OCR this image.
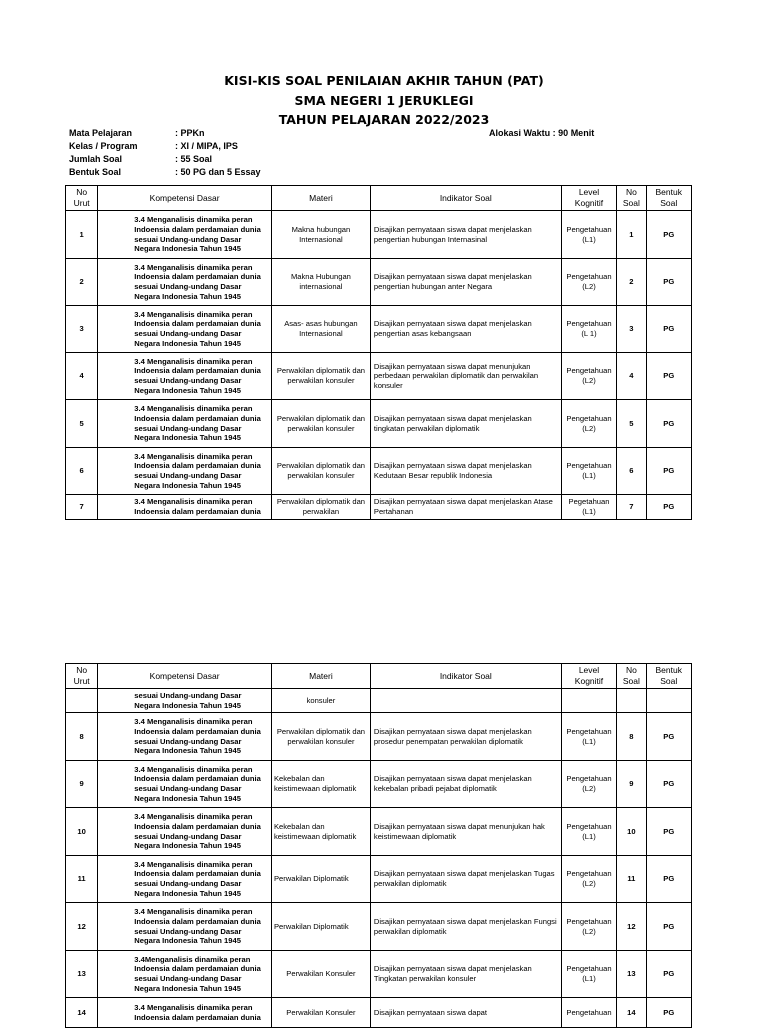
KISI-KIS SOAL PENILAIAN AKHIR TAHUN (PAT)
SMA NEGERI 1 JERUKLEGI
TAHUN PELAJARAN 2022/2023
Mata Pelajaran	: PPKn	Alokasi Waktu : 90 Menit
Kelas / Program	: XI / MIPA, IPS
Jumlah Soal	: 55 Soal
Bentuk Soal	: 50 PG dan 5 Essay
No Urut	Kompetensi Dasar	Materi	Indikator Soal	Level Kognitif	No Soal	Bentuk Soal
1	3.4 Menganalisis dinamika peran Indoensia dalam perdamaian dunia sesuai Undang-undang Dasar Negara Indonesia Tahun 1945	Makna hubungan Internasional	Disajikan pernyataan siswa dapat menjelaskan pengertian hubungan Internasinal	Pengetahuan (L1)	1	PG
2	3.4 Menganalisis dinamika peran Indoensia dalam perdamaian dunia sesuai Undang-undang Dasar Negara Indonesia Tahun 1945	Makna Hubungan internasional	Disajikan pernyataan siswa dapat menjelaskan pengertian hubungan anter Negara	Pengetahuan (L2)	2	PG
3	3.4 Menganalisis dinamika peran Indoensia dalam perdamaian dunia sesuai Undang-undang Dasar Negara Indonesia Tahun 1945	Asas- asas hubungan Internasional	Disajikan pernyataan siswa dapat menjelaskan pengertian asas kebangsaan	Pengetahuan (L 1)	3	PG
4	3.4 Menganalisis dinamika peran Indoensia dalam perdamaian dunia sesuai Undang-undang Dasar Negara Indonesia Tahun 1945	Perwakilan diplomatik dan perwakilan konsuler	Disajikan pernyataan siswa dapat menunjukan perbedaan perwakilan diplomatik dan perwakilan konsuler	Pengetahuan (L2)	4	PG
5	3.4 Menganalisis dinamika peran Indoensia dalam perdamaian dunia sesuai Undang-undang Dasar Negara Indonesia Tahun 1945	Perwakilan diplomatik dan perwakilan konsuler	Disajikan pernyataan siswa dapat menjelaskan tingkatan perwakilan diplomatik	Pengetahuan (L2)	5	PG
6	3.4 Menganalisis dinamika peran Indoensia dalam perdamaian dunia sesuai Undang-undang Dasar Negara Indonesia Tahun 1945	Perwakilan diplomatik dan perwakilan konsuler	Disajikan pernyataan siswa dapat menjelaskan Kedutaan Besar republik Indonesia	Pengetahuan (L1)	6	PG
7	3.4 Menganalisis dinamika peran Indoensia dalam perdamaian dunia	Perwakilan diplomatik dan perwakilan	Disajikan pernyataan siswa dapat menjelaskan Atase Pertahanan	Pegetahuan (L1)	7	PG
No Urut	Kompetensi Dasar	Materi	Indikator Soal	Level Kognitif	No Soal	Bentuk Soal
	sesuai Undang-undang Dasar Negara Indonesia Tahun 1945	konsuler				
8	3.4 Menganalisis dinamika peran Indoensia dalam perdamaian dunia sesuai Undang-undang Dasar Negara Indonesia Tahun 1945	Perwakilan diplomatik dan perwakilan konsuler	Disajikan pernyataan siswa dapat menjelaskan prosedur penempatan perwakilan diplomatik	Pengetahuan (L1)	8	PG
9	3.4 Menganalisis dinamika peran Indoensia dalam perdamaian dunia sesuai Undang-undang Dasar Negara Indonesia Tahun 1945	Kekebalan dan keistimewaan diplomatik	Disajikan pernyataan siswa dapat menjelaskan kekebalan pribadi pejabat diplomatik	Pengetahuan (L2)	9	PG
10	3.4 Menganalisis dinamika peran Indoensia dalam perdamaian dunia sesuai Undang-undang Dasar Negara Indonesia Tahun 1945	Kekebalan dan keistimewaan diplomatik	Disajikan pernyataan siswa dapat menunjukan hak keistimewaan diplomatik	Pengetahuan (L1)	10	PG
11	3.4 Menganalisis dinamika peran Indoensia dalam perdamaian dunia sesuai Undang-undang Dasar Negara Indonesia Tahun 1945	Perwakilan Diplomatik	Disajikan pernyataan siswa dapat menjelaskan Tugas perwakilan diplomatik	Pengetahuan (L2)	11	PG
12	3.4 Menganalisis dinamika peran Indoensia dalam perdamaian dunia sesuai Undang-undang Dasar Negara Indonesia Tahun 1945	Perwakilan Diplomatik	Disajikan pernyataan siswa dapat menjelaskan Fungsi perwakilan diplomatik	Pengetahuan (L2)	12	PG
13	3.4Menganalisis dinamika peran Indoensia dalam perdamaian dunia sesuai Undang-undang Dasar Negara Indonesia Tahun 1945	Perwakilan Konsuler	Disajikan pernyataan siswa dapat menjelaskan Tingkatan perwakilan konsuler	Pengetahuan (L1)	13	PG
14	3.4 Menganalisis dinamika peran Indoensia dalam perdamaian dunia	Perwakilan Konsuler	Disajikan pernyataan siswa dapat	Pengetahuan	14	PG
